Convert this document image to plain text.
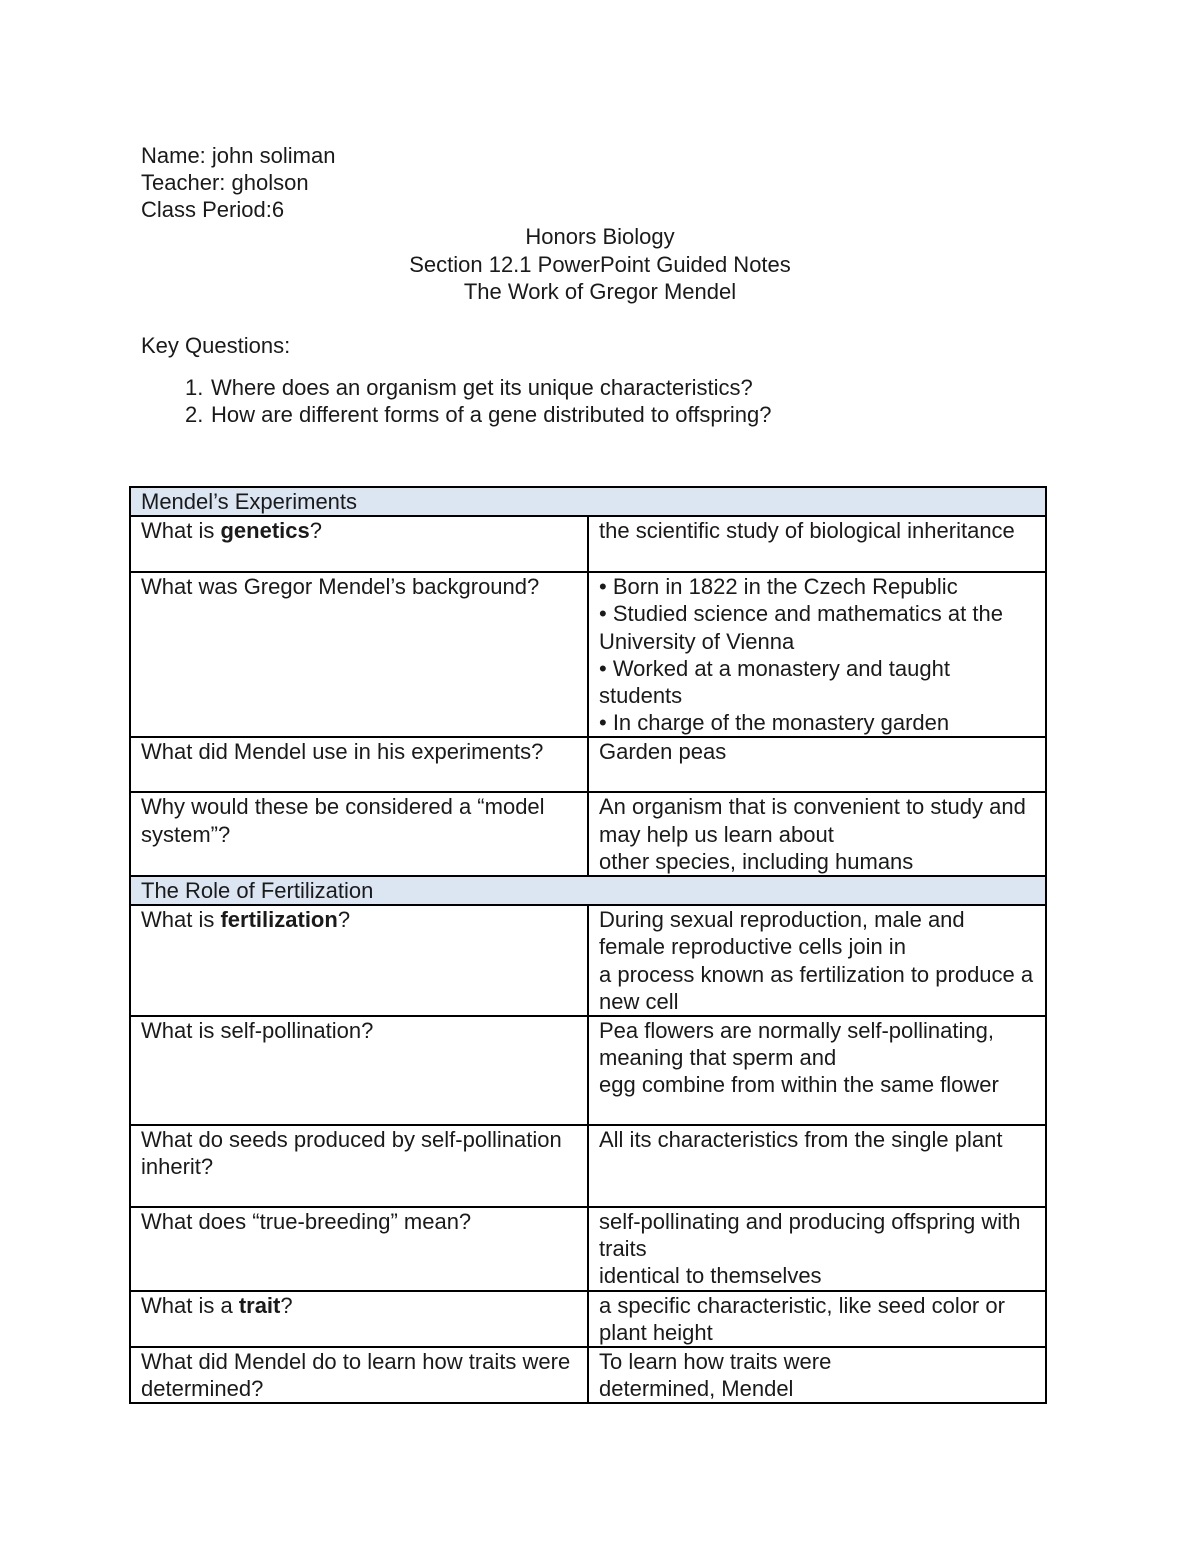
Name: john soliman
Teacher: gholson
Class Period:6
Honors Biology
Section 12.1 PowerPoint Guided Notes
The Work of Gregor Mendel
Key Questions:
1. Where does an organism get its unique characteristics?
2. How are different forms of a gene distributed to offspring?
Mendel’s Experiments	
What is genetics?	the scientific study of biological inheritance

What was Gregor Mendel’s background?	• Born in 1822 in the Czech Republic
• Studied science and mathematics at the University of Vienna
• Worked at a monastery and taught students
• In charge of the monastery garden

What did Mendel use in his experiments?	Garden peas

Why would these be considered a “model system”?	An organism that is convenient to study and may help us learn about
other species, including humans

The Role of Fertilization	
What is fertilization?	During sexual reproduction, male and female reproductive cells join in
a process known as fertilization to produce a new cell

What is self-pollination?	Pea flowers are normally self-pollinating, meaning that sperm and
egg combine from within the same flower

What do seeds produced by self-pollination inherit?	All its characteristics from the single plant

What does “true-breeding” mean?	self-pollinating and producing offspring with traits
identical to themselves

What is a trait?	a specific characteristic, like seed color or plant height

What did Mendel do to learn how traits were determined?	To learn how traits were
determined, Mendel
